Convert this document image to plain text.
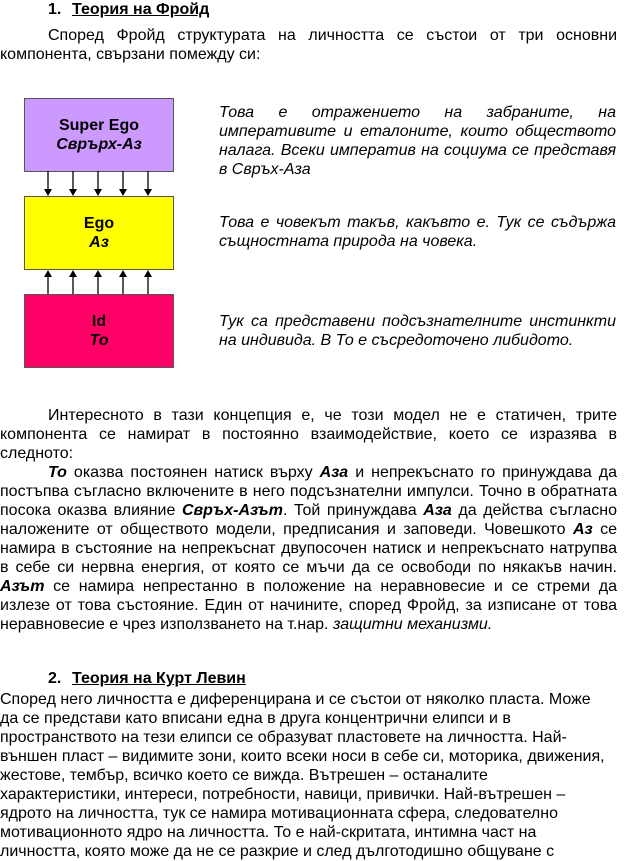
1. Теория на Фройд
Според Фройд структурата на личността се състои от три основни компонента, свързани помежду си:
Super Ego
Сврърх-Аз
Ego
Аз
Id
То
Това е отражението на забраните, на императивите и еталоните, които обществото налага. Всеки императив на социума се представя в Свръх-Аза
Това е човекът такъв, какъвто е. Тук се съдържа същностната природа на човека.
Тук са представени подсъзнателните инстинкти на индивида. В То е съсредоточено либидото.

Интересното в тази концепция е, че този модел не е статичен, трите компонента се намират в постоянно взаимодействие, което се изразява в следното:

То оказва постоянен натиск върху Аза и непрекъснато го принуждава да постъпва съгласно включените в него подсъзнателни импулси. Точно в обратната посока оказва влияние Свръх-Азът. Той принуждава Аза да действа съгласно наложените от обществото модели, предписания и заповеди. Човешкото Аз се намира в състояние на непрекъснат двупосочен натиск и непрекъснато натрупва в себе си нервна енергия, от която се мъчи да се освободи по някакъв начин. Азът се намира непрестанно в положение на неравновесие и се стреми да излезе от това състояние. Един от начините, според Фройд, за изписане от това неравновесие е чрез използването на т.нар. защитни механизми.

2. Теория на Курт Левин
Според него личността е диференцирана и се състои от няколко пласта. Може да се представи като вписани една в друга концентрични елипси и в пространството на тези елипси се образуват пластовете на личността. Най-външен пласт – видимите зони, които всеки носи в себе си, моторика, движения, жестове, тембър, всичко което се вижда. Вътрешен – останалите характеристики, интереси, потребности, навици, привички. Най-вътрешен – ядрото на личността, тук се намира мотивационната сфера, следователно мотивационното ядро на личността. То е най-скритата, интимна част на личността, която може да не се разкрие и след дълготодишно общуване с
